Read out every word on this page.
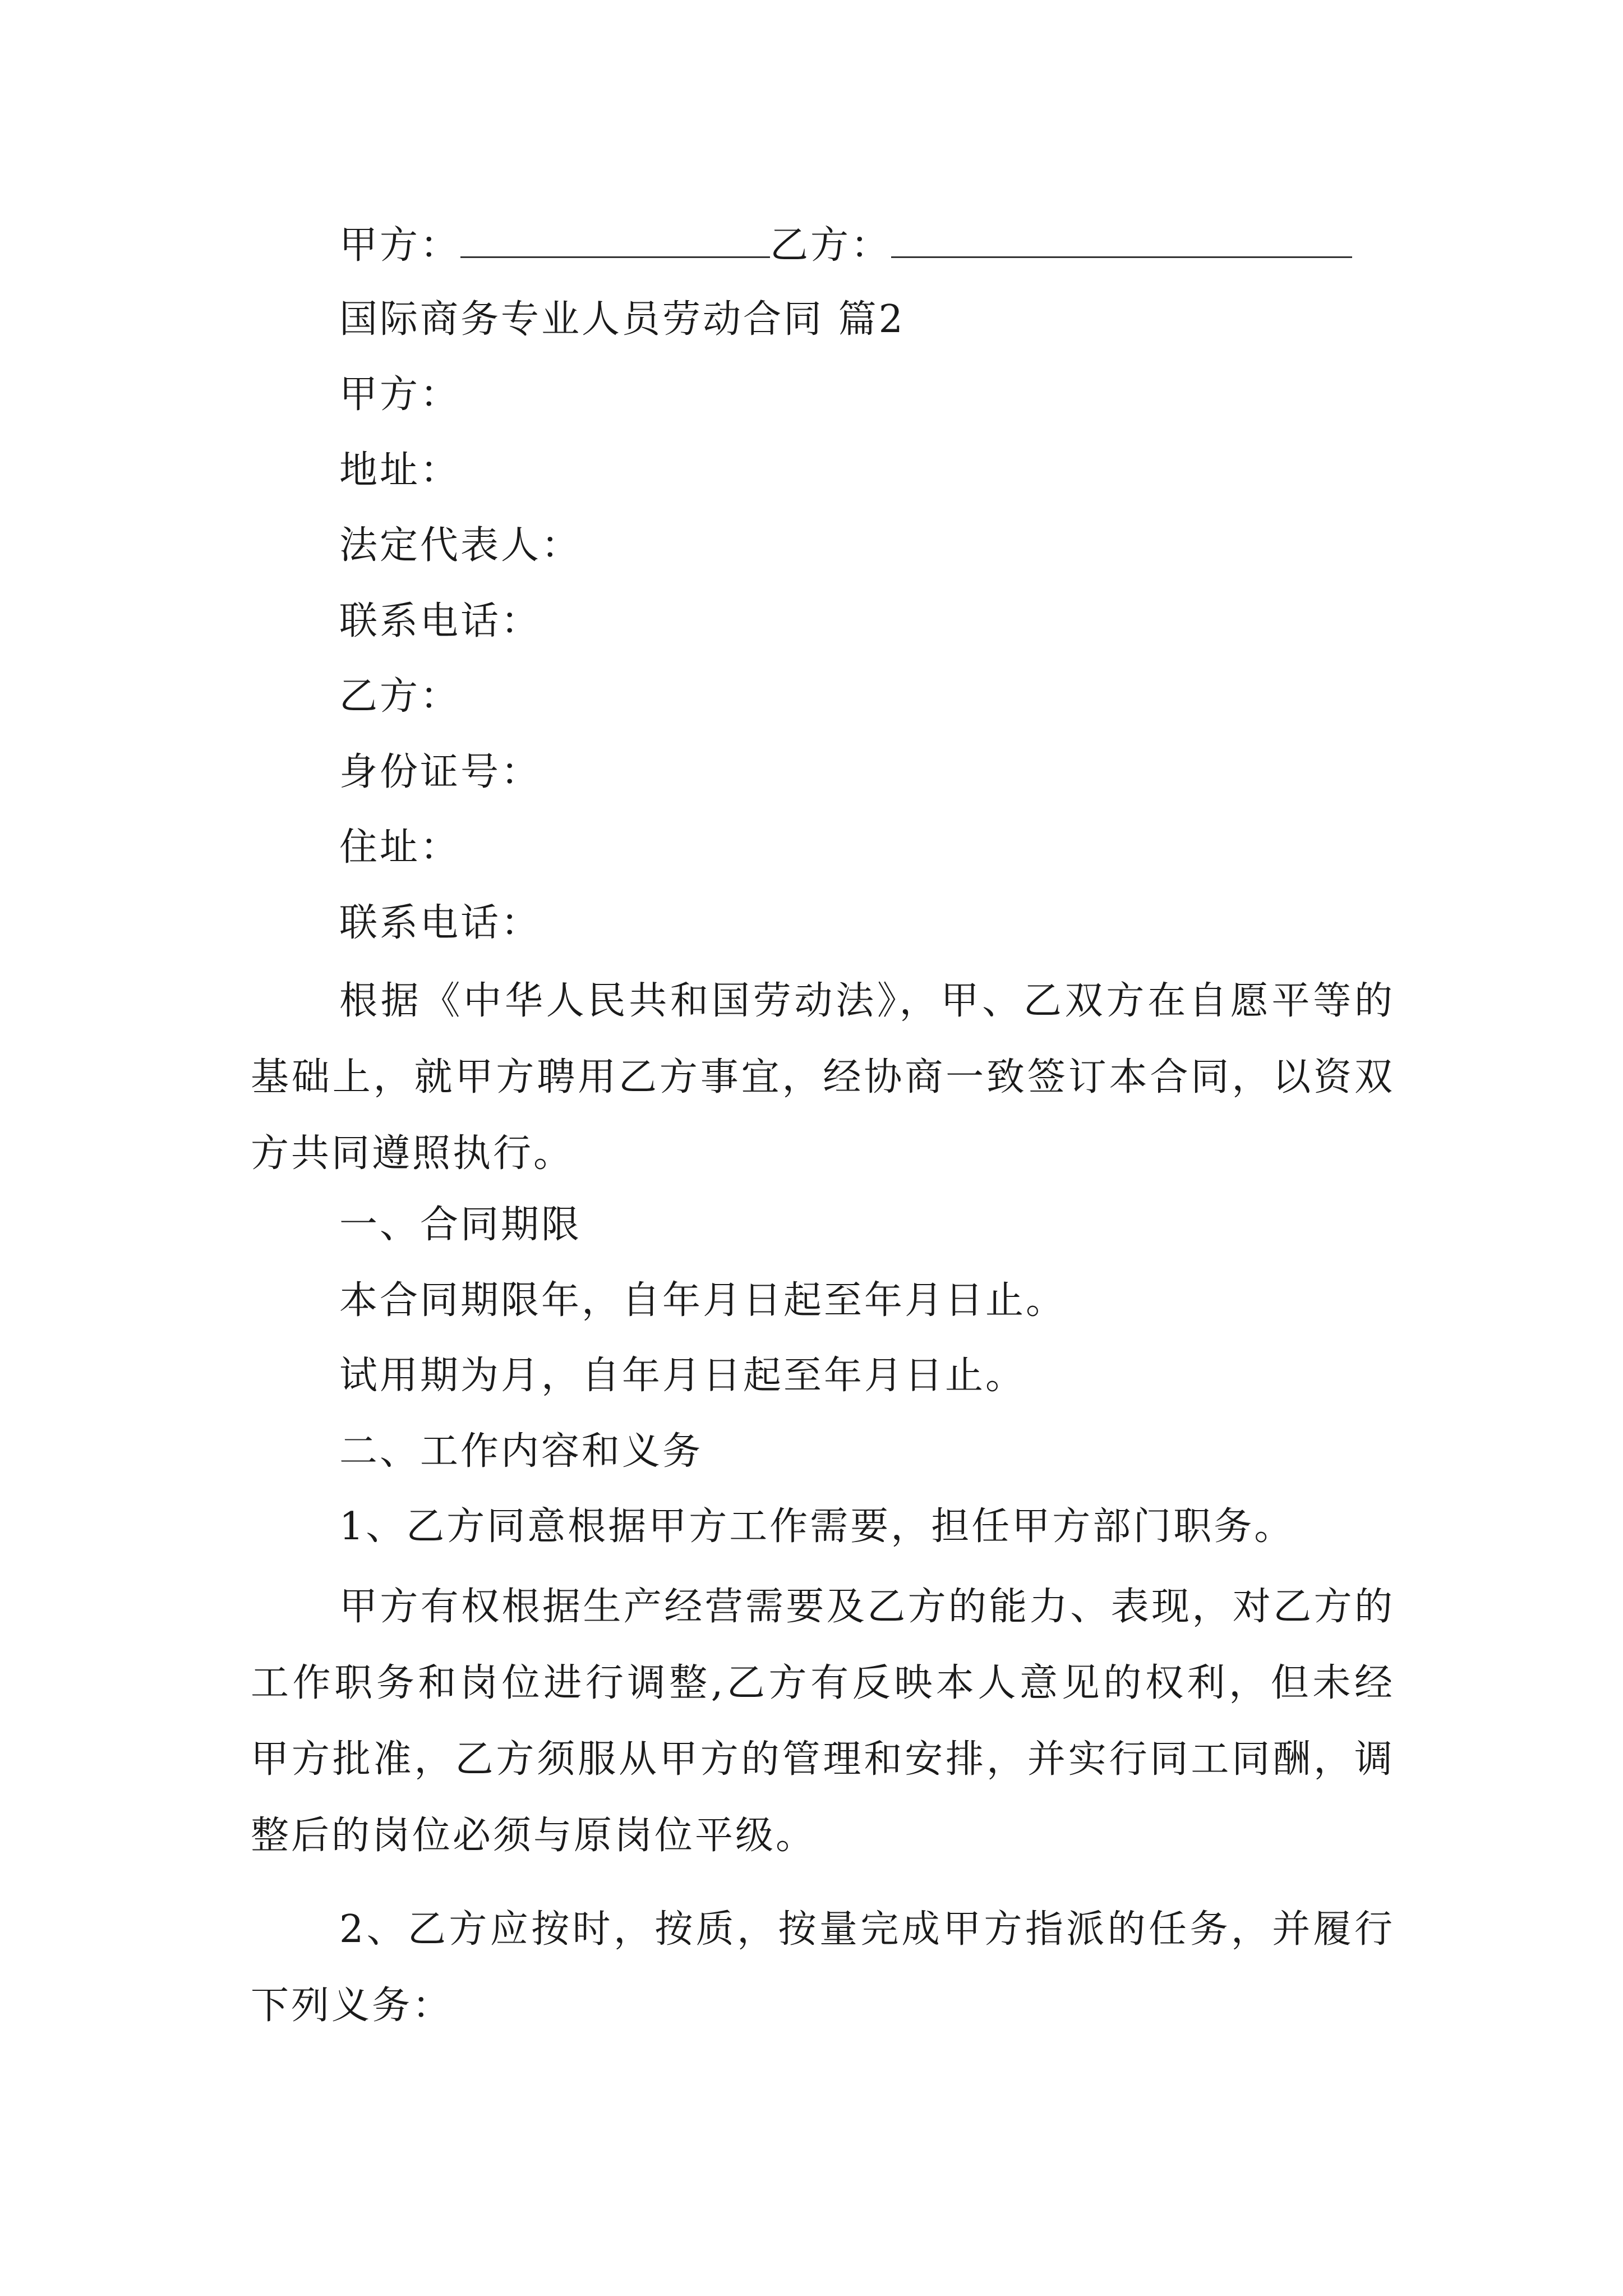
甲方：	乙方：
国际商务专业人员劳动合同 篇2
甲方：
地址：
法定代表人：
联系电话：
乙方：
身份证号：
住址：
联系电话：
根据《中华人民共和国劳动法》，甲、乙双方在自愿平等的基础上，就甲方聘用乙方事宜，经协商一致签订本合同，以资双方共同遵照执行。
一、合同期限
本合同期限年，自年月日起至年月日止。
试用期为月，自年月日起至年月日止。
二、工作内容和义务
1、乙方同意根据甲方工作需要，担任甲方部门职务。
甲方有权根据生产经营需要及乙方的能力、表现，对乙方的工作职务和岗位进行调整,乙方有反映本人意见的权利，但未经甲方批准，乙方须服从甲方的管理和安排，并实行同工同酬，调整后的岗位必须与原岗位平级。
2、乙方应按时，按质，按量完成甲方指派的任务，并履行下列义务：
